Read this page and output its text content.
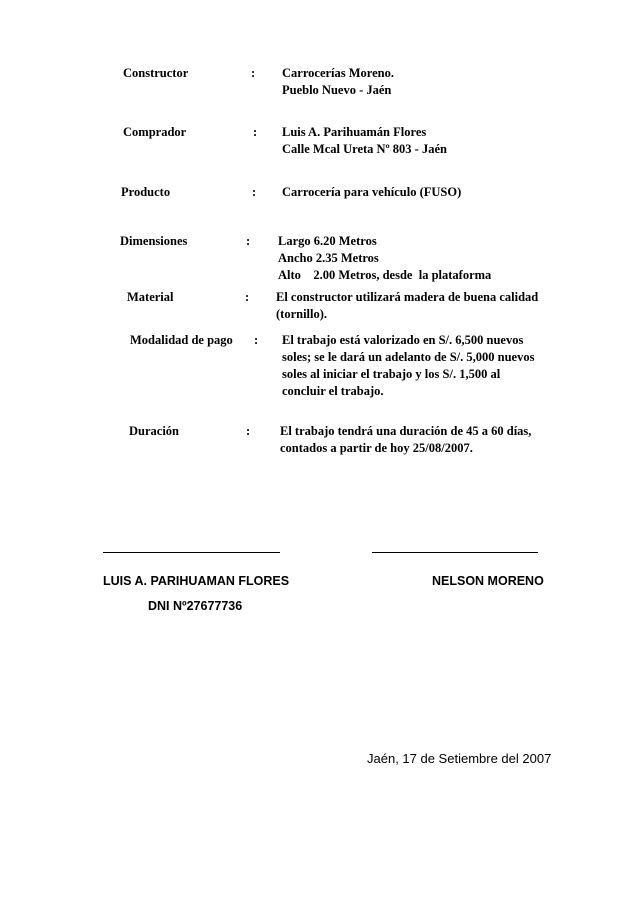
Constructor	: Carrocerías Moreno.
Pueblo Nuevo - Jaén
Comprador	: Luis A. Parihuamán Flores
Calle Mcal Ureta Nº 803 - Jaén
Producto	: Carrocería para vehículo (FUSO)
Dimensiones	: Largo 6.20 Metros
Ancho 2.35 Metros
Alto    2.00 Metros, desde  la plataforma
Material	: El constructor utilizará madera de buena calidad
(tornillo).
Modalidad de pago : El trabajo está valorizado en S/. 6,500 nuevos
soles; se le dará un adelanto de S/. 5,000 nuevos
soles al iniciar el trabajo y los S/. 1,500 al
concluir el trabajo.
Duración	: El trabajo tendrá una duración de 45 a 60 días,
contados a partir de hoy 25/08/2007.
LUIS A. PARIHUAMAN FLORES
DNI Nº27677736
NELSON MORENO
Jaén, 17 de Setiembre del 2007
